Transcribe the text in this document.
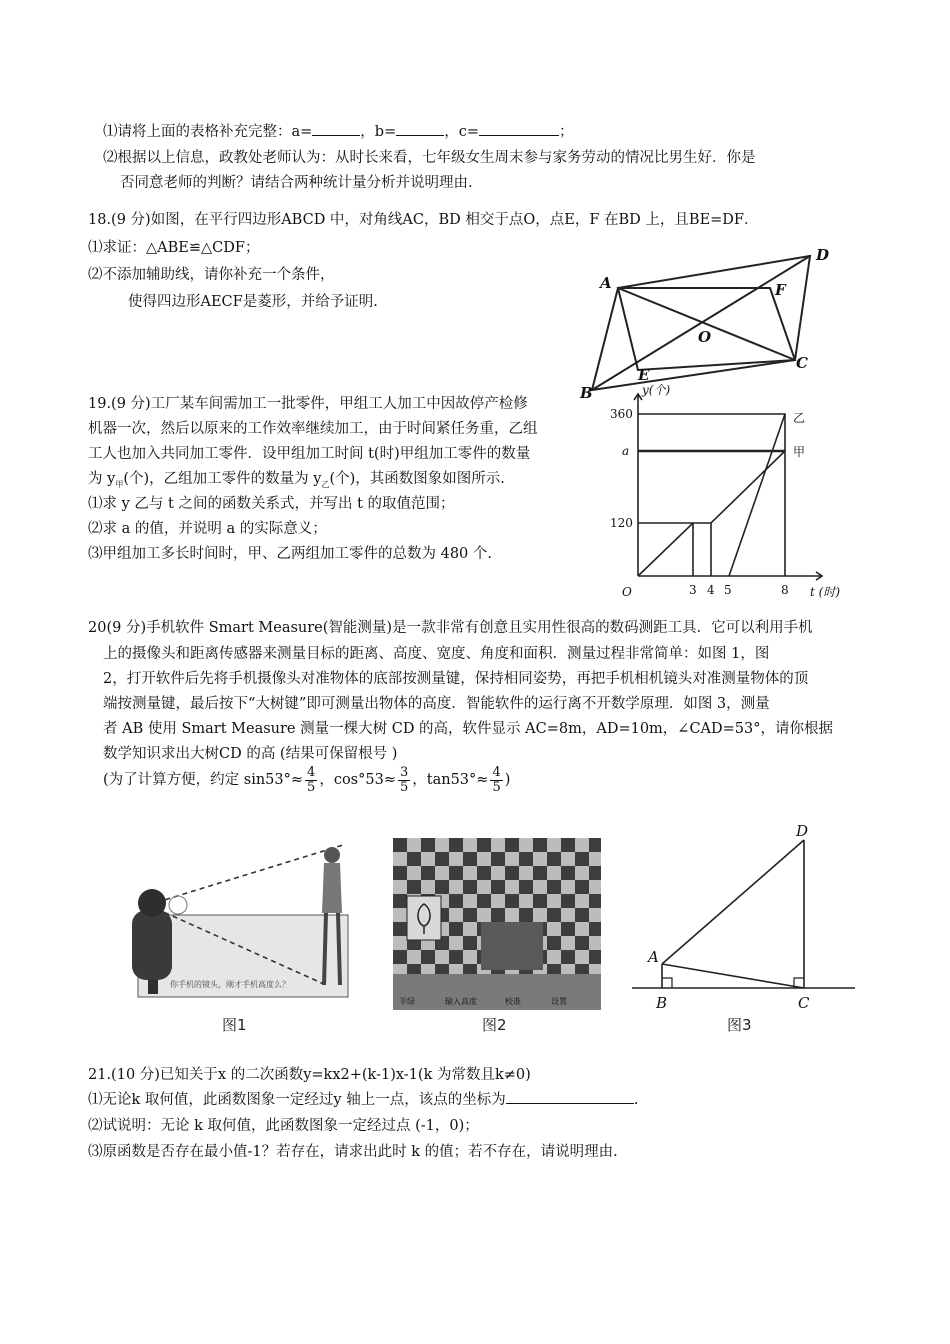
⑴请将上面的表格补充完整：a=	，b=	，c=	；
⑵根据以上信息，政教处老师认为：从时长来看，七年级女生周末参与家务劳动的情况比男生好．你是
否同意老师的判断？请结合两种统计量分析并说明理由.
18.(9 分)如图，在平行四边形ABCD 中，对角线AC，BD 相交于点O，点E，F 在BD 上，且BE=DF．
⑴求证：△ABE≌△CDF；
⑵不添加辅助线，请你补充一个条件，
使得四边形AECF是菱形，并给予证明.
A
B
C
D
E
F
O
19.(9 分)工厂某车间需加工一批零件，甲组工人加工中因故停产检修
机器一次，然后以原来的工作效率继续加工，由于时间紧任务重，乙组
工人也加入共同加工零件．设甲组加工时间 t(时)甲组加工零件的数量
为 $y_甲$(个)，乙组加工零件的数量为 $y_乙$(个)，其函数图象如图所示.
⑴求 y 乙与 t 之间的函数关系式，并写出 t 的取值范围；
⑵求 a 的值，并说明 a 的实际意义；
⑶甲组加工多长时间时，甲、乙两组加工零件的总数为 480 个.
y(个)
t (时)
O
360
a
120
3 4 5	8
乙
甲
20(9 分)手机软件 Smart Measure(智能测量)是一款非常有创意且实用性很高的数码测距工具．它可以利用手机
上的摄像头和距离传感器来测量目标的距离、高度、宽度、角度和面积．测量过程非常简单：如图 1，图
2，打开软件后先将手机摄像头对准物体的底部按测量键，保持相同姿势，再把手机相机镜头对准测量物体的顶
端按测量键，最后按下“大树键”即可测量出物体的高度．智能软件的运行离不开数学原理．如图 3，测量
者 AB 使用 Smart Measure 测量一棵大树 CD 的高，软件显示 AC=8m，AD=10m，∠CAD=53°，请你根据
数学知识求出大树CD 的高 (结果可保留根号 )
(为了计算方便，约定 $\sin 53^\circ\approx \frac{4}{5}$ ，$\cos^\circ 53\approx \frac{3}{5}$ ，$\tan 53^\circ\approx \frac{4}{5}$ )
你手机的镜头，刚才手机高度么？
图1
半绿	输入高度	校准	设置
图2
A
B	C
D
图3
21.(10 分)已知关于x 的二次函数y=kx2+(k-1)x-1(k 为常数且k≠0)
⑴无论k 取何值，此函数图象一定经过y 轴上一点，该点的坐标为	.
⑵试说明：无论 k 取何值，此函数图象一定经过点 (-1，0)；
⑶原函数是否存在最小值-1？若存在，请求出此时 k 的值；若不存在，请说明理由.
